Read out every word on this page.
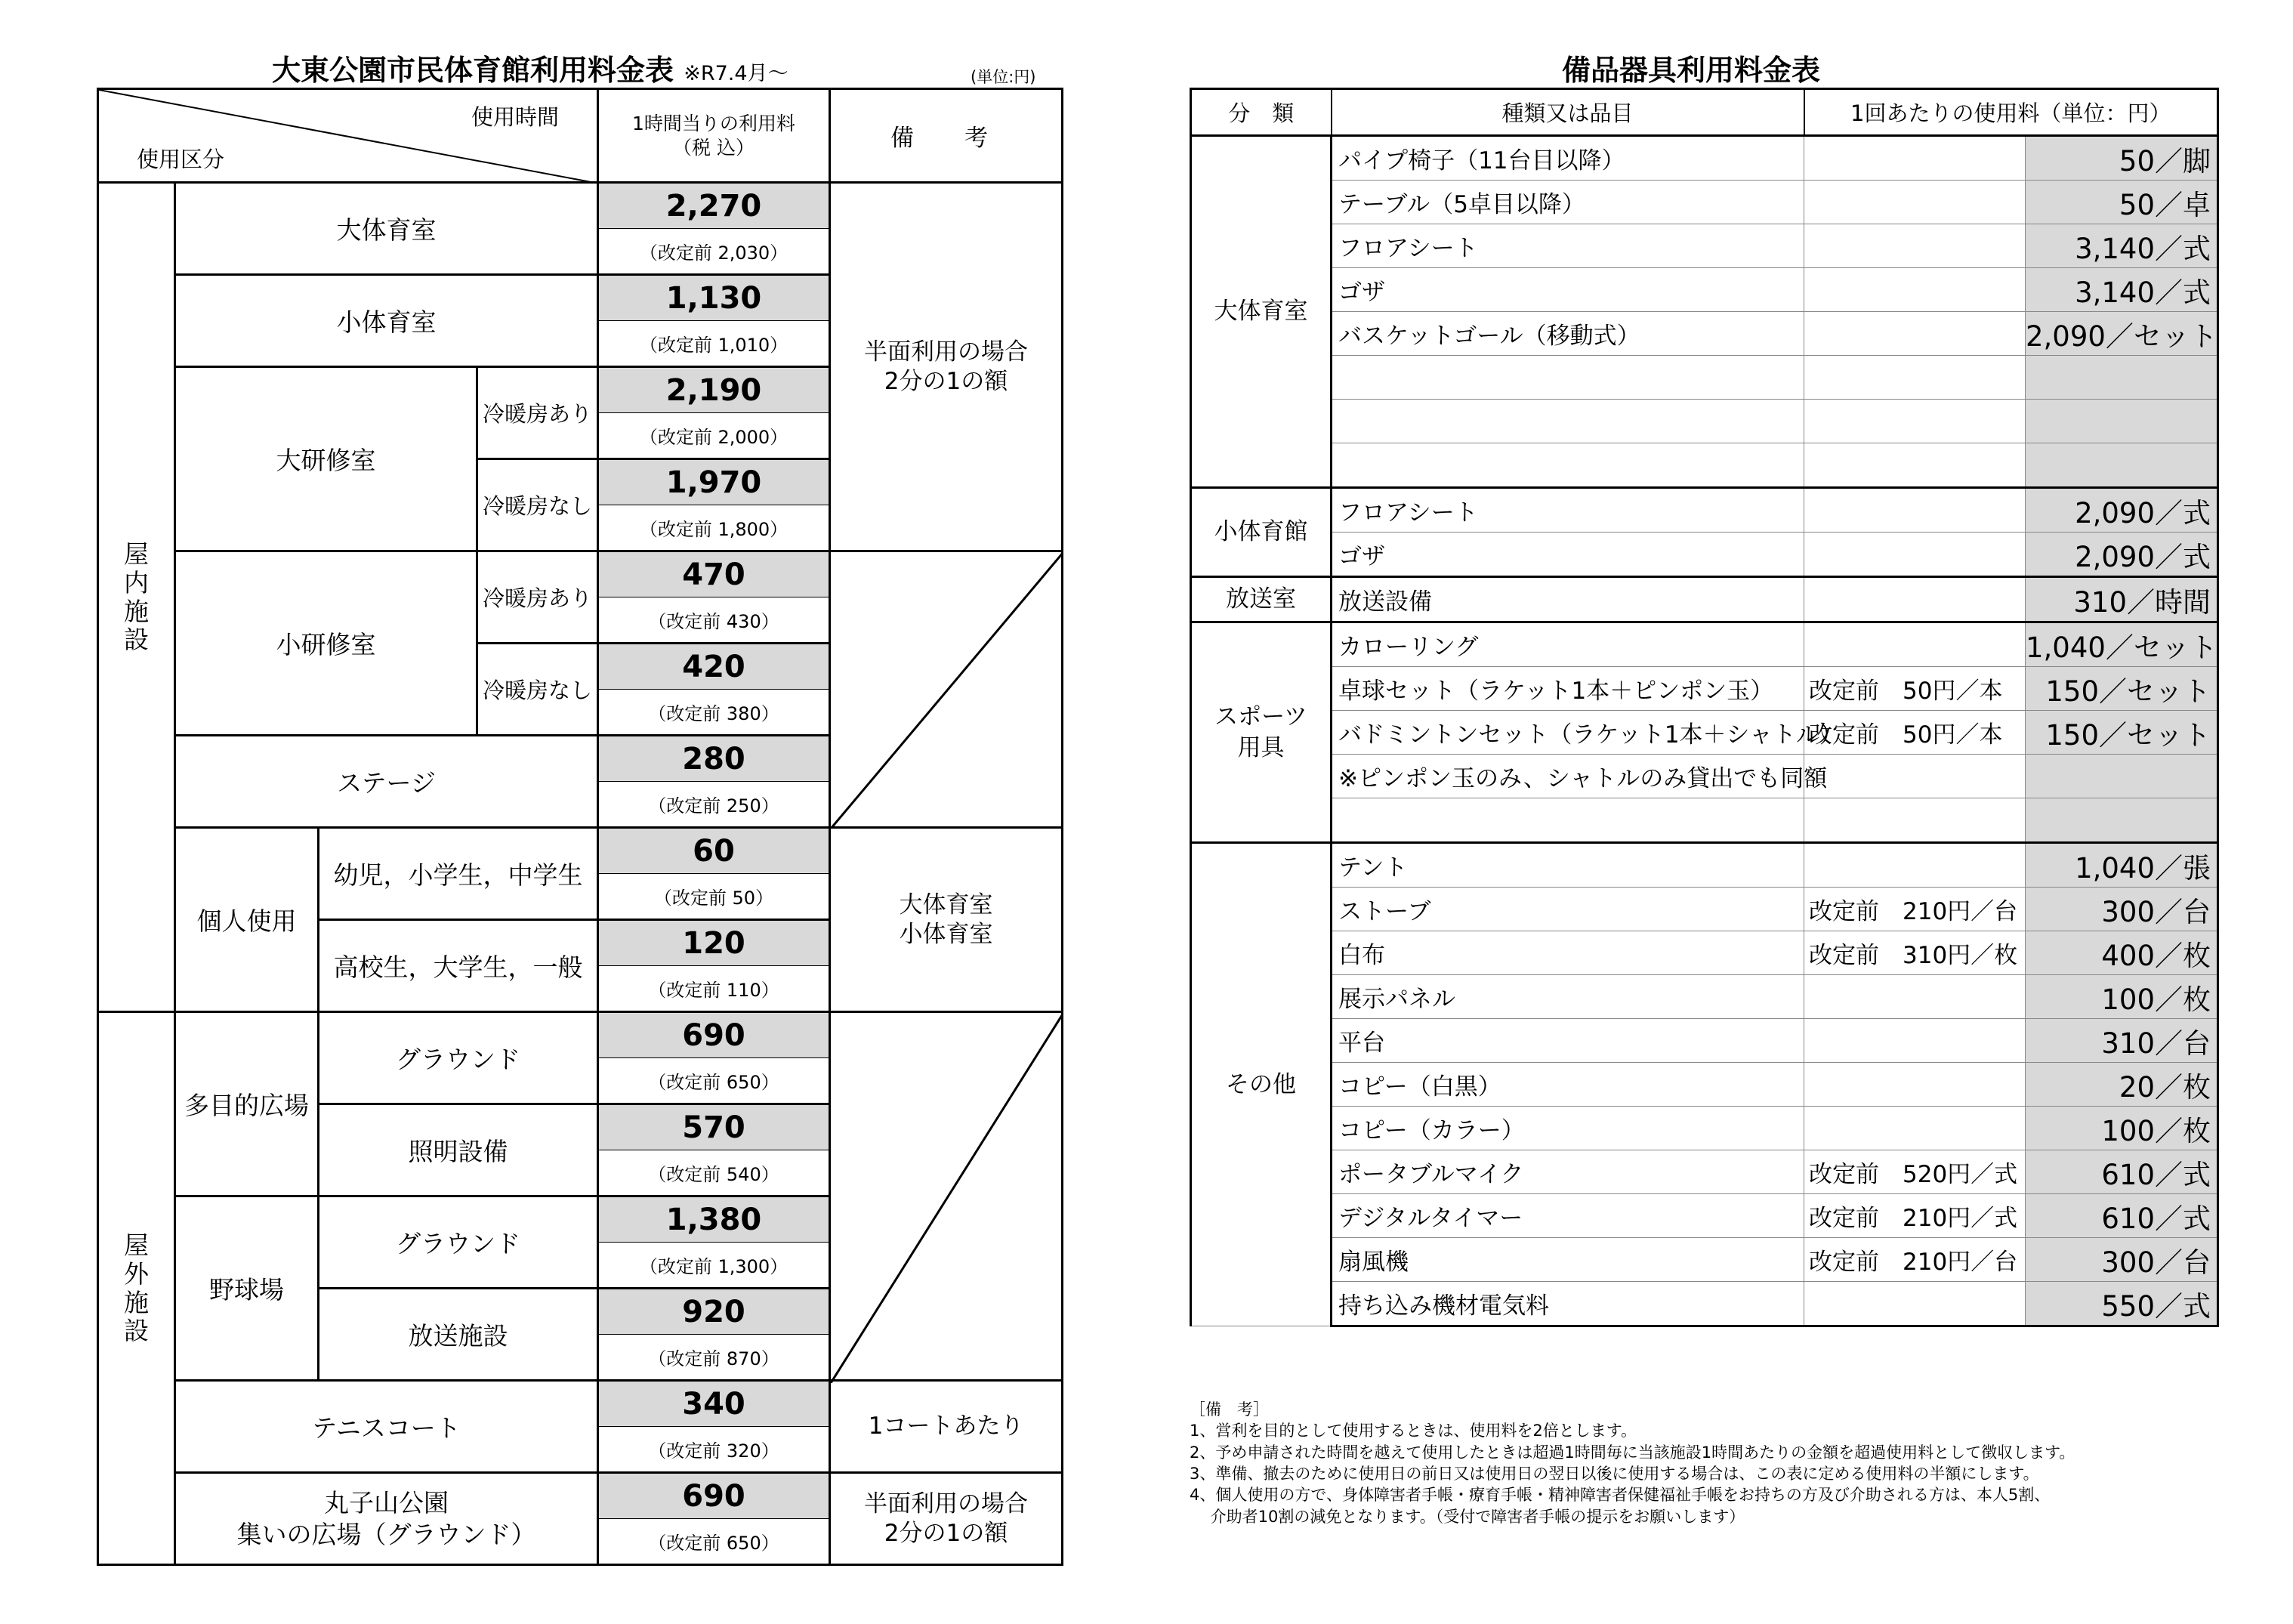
大東公園市民体育館利用料金表 ※R7.4月～	(単位:円)
使用時間
使用区分				1時間当りの利用料
（税 込）	備　考
屋
内
施
設	大体育室			2,270	半面利用の場合
2分の1の額
				（改定前 2,030）	
	小体育室			1,130	
				（改定前 1,010）	
	大研修室		冷暖房あり	2,190	
				（改定前 2,000）	
			冷暖房なし	1,970	
				（改定前 1,800）	
	小研修室		冷暖房あり	470	

				（改定前 430）	
			冷暖房なし	420	
				（改定前 380）	
	ステージ			280	
				（改定前 250）	
	個人使用	幼児，小学生，中学生		60	大体育室
小体育室
				（改定前 50）	
		高校生，大学生，一般		120	
				（改定前 110）	
屋
外
施
設	多目的広場	グラウンド		690	

				（改定前 650）	
		照明設備		570	
				（改定前 540）	
	野球場	グラウンド		1,380	
				（改定前 1,300）	
		放送施設		920	
				（改定前 870）	
	テニスコート			340	1コートあたり
				（改定前 320）	
	丸子山公園
集いの広場（グラウンド）			690	半面利用の場合
2分の1の額
				（改定前 650）	
備品器具利用料金表
分　類	種類又は品目	1回あたりの使用料（単位：円）	
大体育室	パイプ椅子（11台目以降）		50／脚
	テーブル（5卓目以降）		50／卓
	フロアシート		3,140／式
	ゴザ		3,140／式
	バスケットゴール（移動式）		2,090／セット

小体育館	フロアシート		2,090／式
	ゴザ		2,090／式
放送室	放送設備		310／時間
スポーツ
用具	カローリング		1,040／セット
	卓球セット（ラケット1本＋ピンポン玉）	改定前　50円／本	150／セット
	バドミントンセット（ラケット1本＋シャトル）	改定前　50円／本	150／セット
	※ピンポン玉のみ、シャトルのみ貸出でも同額		

その他	テント		1,040／張
	ストーブ	改定前　210円／台	300／台
	白布	改定前　310円／枚	400／枚
	展示パネル		100／枚
	平台		310／台
	コピー（白黒）		20／枚
	コピー（カラー）		100／枚
	ポータブルマイク	改定前　520円／式	610／式
	デジタルタイマー	改定前　210円／式	610／式
	扇風機	改定前　210円／台	300／台
	持ち込み機材電気料		550／式
［備　考］
1、営利を目的として使用するときは、使用料を2倍とします。
2、予め申請された時間を越えて使用したときは超過1時間毎に当該施設1時間あたりの金額を超過使用料として徴収します。
3、準備、撤去のために使用日の前日又は使用日の翌日以後に使用する場合は、この表に定める使用料の半額にします。
4、個人使用の方で、身体障害者手帳・療育手帳・精神障害者保健福祉手帳をお持ちの方及び介助される方は、本人5割、
　 介助者10割の減免となります。（受付で障害者手帳の提示をお願いします）
